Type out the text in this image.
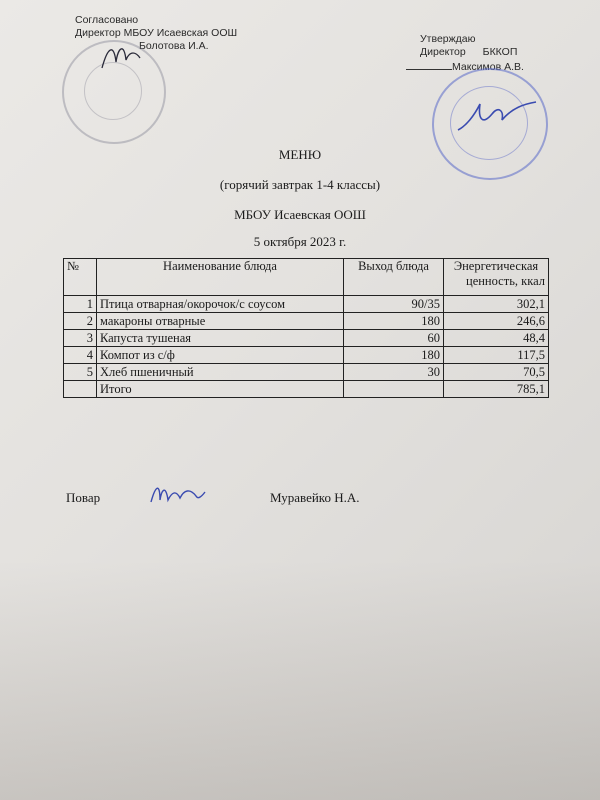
Согласовано
Директор МБОУ Исаевская ООШ
Болотова И.А.
Утверждаю
Директор БККОП
Максимов А.В.
МЕНЮ
(горячий завтрак 1-4 классы)
МБОУ Исаевская ООШ
5 октября 2023 г.
№	Наименование блюда	Выход блюда	Энергетическая
ценность, ккал

1	Птица отварная/окорочок/с соусом	90/35	302,1
2	макароны отварные	180	246,6
3	Капуста тушеная	60	48,4
4	Компот из с/ф	180	117,5
5	Хлеб пшеничный	30	70,5
	Итого		785,1
Повар	Муравейко Н.А.
